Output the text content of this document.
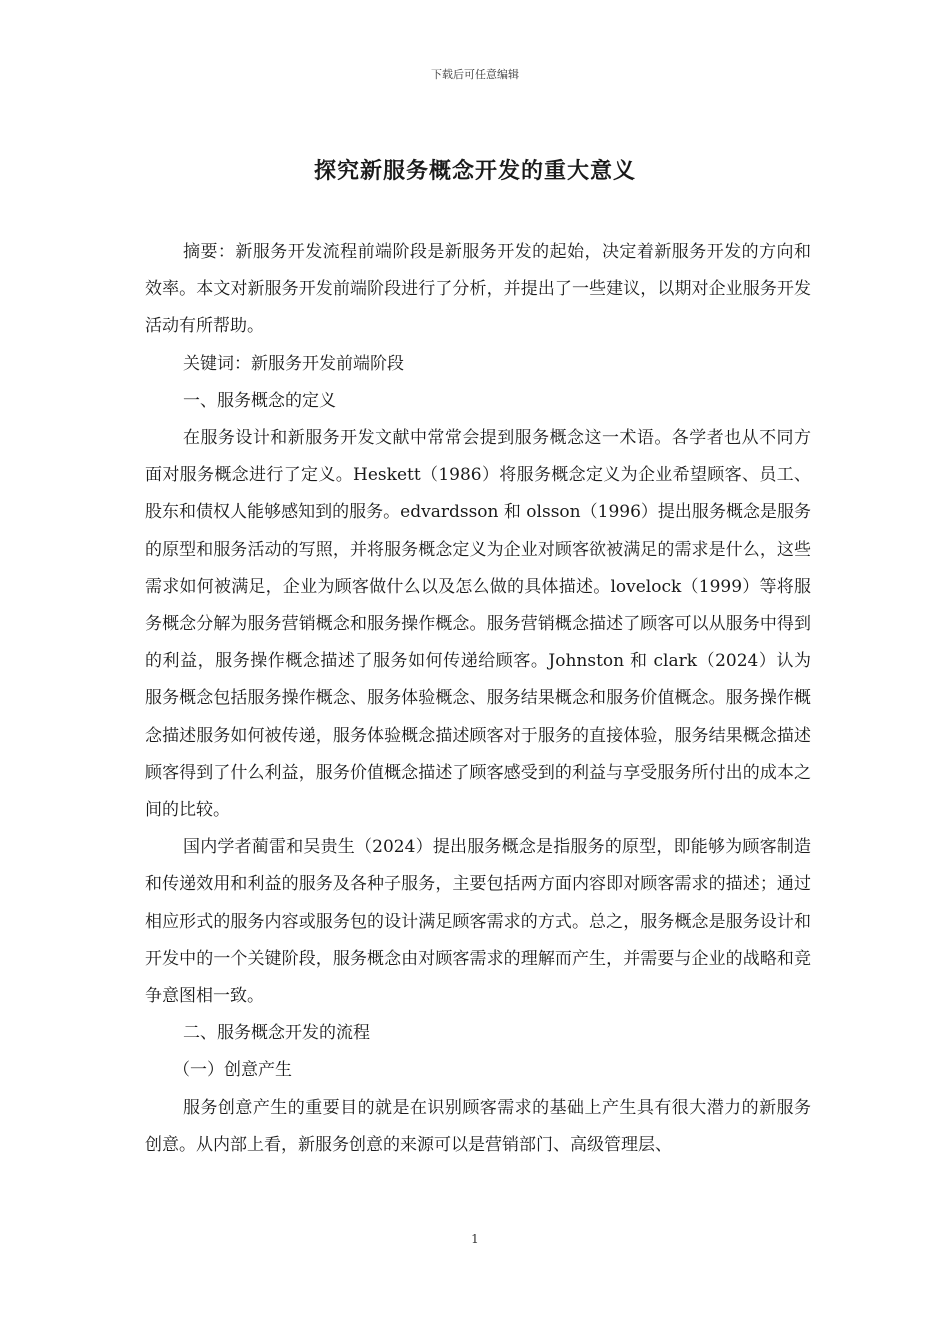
下载后可任意编辑
探究新服务概念开发的重大意义

摘要：新服务开发流程前端阶段是新服务开发的起始，决定着新服务开发的方向和效率。本文对新服务开发前端阶段进行了分析，并提出了一些建议，以期对企业服务开发活动有所帮助。

关键词：新服务开发前端阶段

一、服务概念的定义

在服务设计和新服务开发文献中常常会提到服务概念这一术语。各学者也从不同方面对服务概念进行了定义。Heskett（1986）将服务概念定义为企业希望顾客、员工、股东和债权人能够感知到的服务。edvardsson 和 olsson（1996）提出服务概念是服务的原型和服务活动的写照，并将服务概念定义为企业对顾客欲被满足的需求是什么，这些需求如何被满足，企业为顾客做什么以及怎么做的具体描述。lovelock（1999）等将服务概念分解为服务营销概念和服务操作概念。服务营销概念描述了顾客可以从服务中得到的利益，服务操作概念描述了服务如何传递给顾客。Johnston 和 clark（2024）认为服务概念包括服务操作概念、服务体验概念、服务结果概念和服务价值概念。服务操作概念描述服务如何被传递，服务体验概念描述顾客对于服务的直接体验，服务结果概念描述顾客得到了什么利益，服务价值概念描述了顾客感受到的利益与享受服务所付出的成本之间的比较。

国内学者蔺雷和吴贵生（2024）提出服务概念是指服务的原型，即能够为顾客制造和传递效用和利益的服务及各种子服务，主要包括两方面内容即对顾客需求的描述；通过相应形式的服务内容或服务包的设计满足顾客需求的方式。总之，服务概念是服务设计和开发中的一个关键阶段，服务概念由对顾客需求的理解而产生，并需要与企业的战略和竞争意图相一致。

二、服务概念开发的流程

（一）创意产生

服务创意产生的重要目的就是在识别顾客需求的基础上产生具有很大潜力的新服务创意。从内部上看，新服务创意的来源可以是营销部门、高级管理层、

1
